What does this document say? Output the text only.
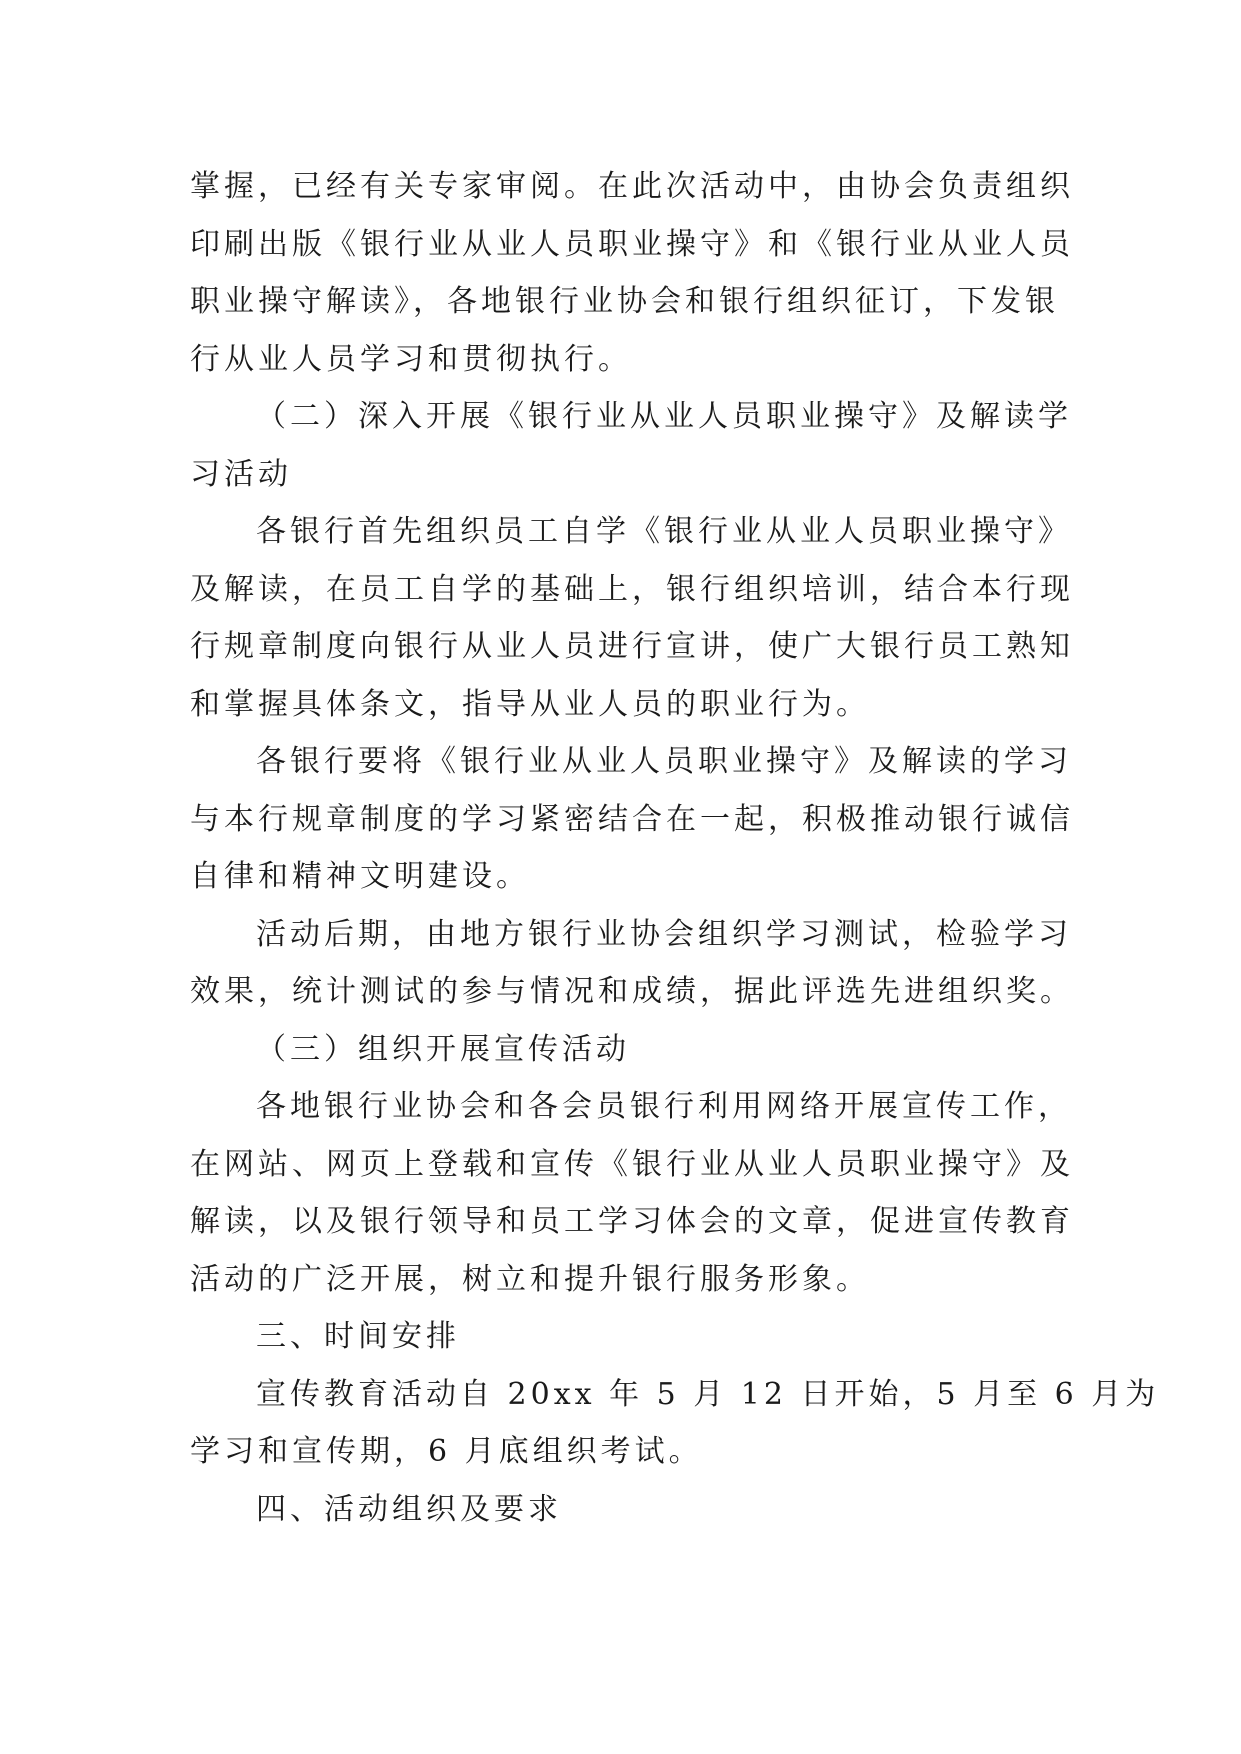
掌握，已经有关专家审阅。在此次活动中，由协会负责组织
印刷出版《银行业从业人员职业操守》和《银行业从业人员
职业操守解读》，各地银行业协会和银行组织征订，下发银
行从业人员学习和贯彻执行。
（二）深入开展《银行业从业人员职业操守》及解读学
习活动
各银行首先组织员工自学《银行业从业人员职业操守》
及解读，在员工自学的基础上，银行组织培训，结合本行现
行规章制度向银行从业人员进行宣讲，使广大银行员工熟知
和掌握具体条文，指导从业人员的职业行为。
各银行要将《银行业从业人员职业操守》及解读的学习
与本行规章制度的学习紧密结合在一起，积极推动银行诚信
自律和精神文明建设。
活动后期，由地方银行业协会组织学习测试，检验学习
效果，统计测试的参与情况和成绩，据此评选先进组织奖。
（三）组织开展宣传活动
各地银行业协会和各会员银行利用网络开展宣传工作，
在网站、网页上登载和宣传《银行业从业人员职业操守》及
解读，以及银行领导和员工学习体会的文章，促进宣传教育
活动的广泛开展，树立和提升银行服务形象。
三、时间安排
宣传教育活动自 20xx 年 5 月 12 日开始，5 月至 6 月为
学习和宣传期，6 月底组织考试。
四、活动组织及要求
